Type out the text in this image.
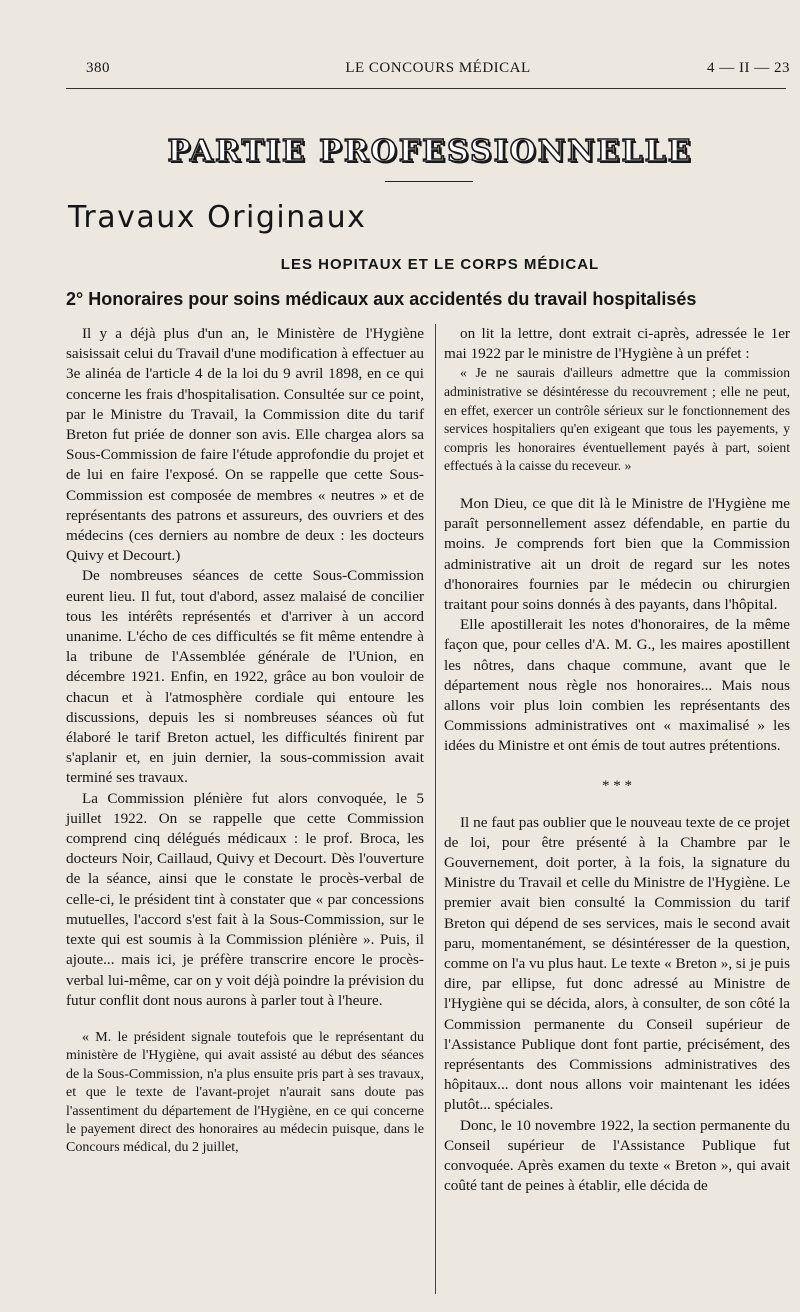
380	LE CONCOURS MÉDICAL	4 — II — 23
PARTIE PROFESSIONNELLE
Travaux Originaux
LES HOPITAUX ET LE CORPS MÉDICAL
2° Honoraires pour soins médicaux aux accidentés du travail hospitalisés

Il y a déjà plus d'un an, le Ministère de l'Hygiène saisissait celui du Travail d'une modification à effectuer au 3e alinéa de l'article 4 de la loi du 9 avril 1898, en ce qui concerne les frais d'hospitalisation. Consultée sur ce point, par le Ministre du Travail, la Commission dite du tarif Breton fut priée de donner son avis. Elle chargea alors sa Sous-Commission de faire l'étude approfondie du projet et de lui en faire l'exposé. On se rappelle que cette Sous-Commission est composée de membres « neutres » et de représentants des patrons et assureurs, des ouvriers et des médecins (ces derniers au nombre de deux : les docteurs Quivy et Decourt.)

De nombreuses séances de cette Sous-Commission eurent lieu. Il fut, tout d'abord, assez malaisé de concilier tous les intérêts représentés et d'arriver à un accord unanime. L'écho de ces difficultés se fit même entendre à la tribune de l'Assemblée générale de l'Union, en décembre 1921. Enfin, en 1922, grâce au bon vouloir de chacun et à l'atmosphère cordiale qui entoure les discussions, depuis les si nombreuses séances où fut élaboré le tarif Breton actuel, les difficultés finirent par s'aplanir et, en juin dernier, la sous-commission avait terminé ses travaux.

La Commission plénière fut alors convoquée, le 5 juillet 1922. On se rappelle que cette Commission comprend cinq délégués médicaux : le prof. Broca, les docteurs Noir, Caillaud, Quivy et Decourt. Dès l'ouverture de la séance, ainsi que le constate le procès-verbal de celle-ci, le président tint à constater que « par concessions mutuelles, l'accord s'est fait à la Sous-Commission, sur le texte qui est soumis à la Commission plénière ». Puis, il ajoute... mais ici, je préfère transcrire encore le procès-verbal lui-même, car on y voit déjà poindre la prévision du futur conflit dont nous aurons à parler tout à l'heure.

« M. le président signale toutefois que le représentant du ministère de l'Hygiène, qui avait assisté au début des séances de la Sous-Commission, n'a plus ensuite pris part à ses travaux, et que le texte de l'avant-projet n'aurait sans doute pas l'assentiment du département de l'Hygiène, en ce qui concerne le payement direct des honoraires au médecin puisque, dans le Concours médical, du 2 juillet,

on lit la lettre, dont extrait ci-après, adressée le 1er mai 1922 par le ministre de l'Hygiène à un préfet :

« Je ne saurais d'ailleurs admettre que la commission administrative se désintéresse du recouvrement ; elle ne peut, en effet, exercer un contrôle sérieux sur le fonctionnement des services hospitaliers qu'en exigeant que tous les payements, y compris les honoraires éventuellement payés à part, soient effectués à la caisse du receveur. »

Mon Dieu, ce que dit là le Ministre de l'Hygiène me paraît personnellement assez défendable, en partie du moins. Je comprends fort bien que la Commission administrative ait un droit de regard sur les notes d'honoraires fournies par le médecin ou chirurgien traitant pour soins donnés à des payants, dans l'hôpital.

Elle apostillerait les notes d'honoraires, de la même façon que, pour celles d'A. M. G., les maires apostillent les nôtres, dans chaque commune, avant que le département nous règle nos honoraires... Mais nous allons voir plus loin combien les représentants des Commissions administratives ont « maximalisé » les idées du Ministre et ont émis de tout autres prétentions.

* * *

Il ne faut pas oublier que le nouveau texte de ce projet de loi, pour être présenté à la Chambre par le Gouvernement, doit porter, à la fois, la signature du Ministre du Travail et celle du Ministre de l'Hygiène. Le premier avait bien consulté la Commission du tarif Breton qui dépend de ses services, mais le second avait paru, momentanément, se désintéresser de la question, comme on l'a vu plus haut. Le texte « Breton », si je puis dire, par ellipse, fut donc adressé au Ministre de l'Hygiène qui se décida, alors, à consulter, de son côté la Commission permanente du Conseil supérieur de l'Assistance Publique dont font partie, précisément, des représentants des Commissions administratives des hôpitaux... dont nous allons voir maintenant les idées plutôt... spéciales.

Donc, le 10 novembre 1922, la section permanente du Conseil supérieur de l'Assistance Publique fut convoquée. Après examen du texte « Breton », qui avait coûté tant de peines à établir, elle décida de
